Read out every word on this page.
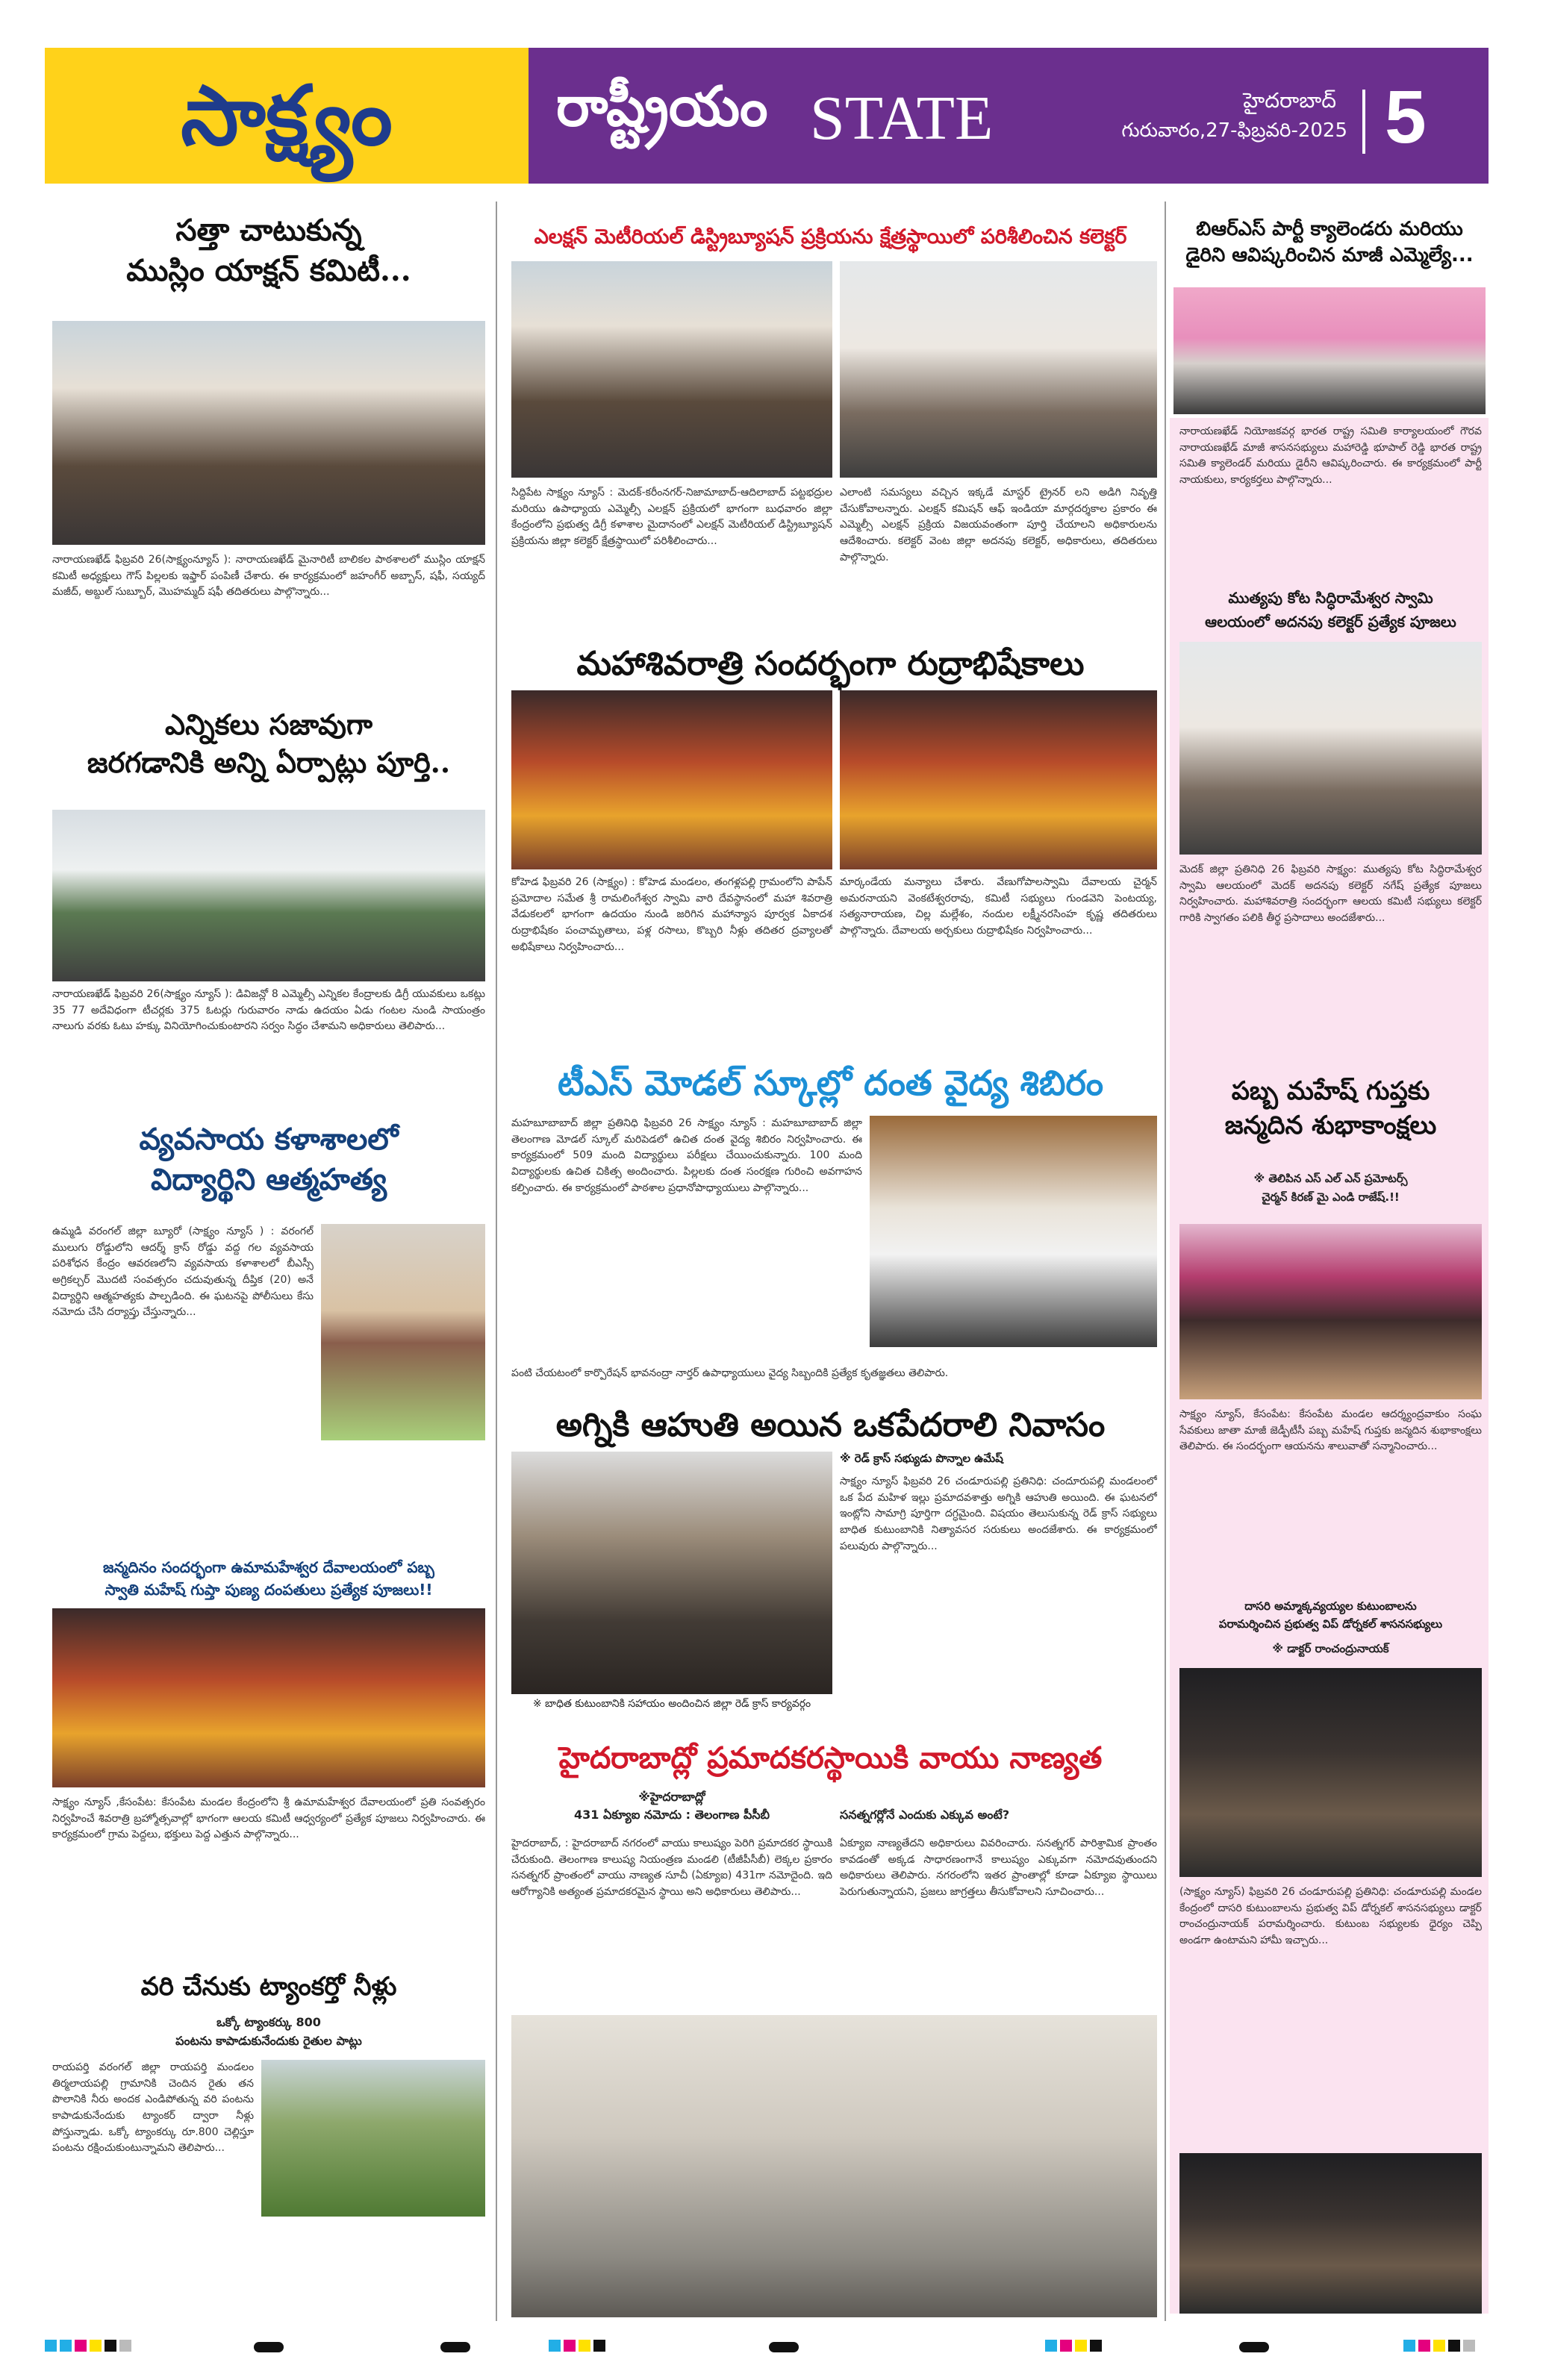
సాక్ష్యం	రాష్ట్రీయం STATE	హైదరాబాద్
గురువారం,27-ఫిబ్రవరి-2025 5
సత్తా చాటుకున్న
ముస్లిం యాక్షన్ కమిటీ...
నారాయణఖేడ్ ఫిబ్రవరి 26(సాక్ష్యంన్యూస్ ): నారాయణఖేడ్ మైనారిటీ బాలికల పాఠశాలలో ముస్లిం యాక్షన్ కమిటీ అధ్యక్షులు గౌస్ పిల్లలకు ఇఫ్తార్ పంపిణీ చేశారు. ఈ కార్యక్రమంలో జహంగీర్ అబ్బాస్, షఫీ, సయ్యద్ మజీద్, అబ్దుల్ సుబ్బూర్, మొహమ్మద్ షఫీ తదితరులు పాల్గొన్నారు...
ఎన్నికలు సజావుగా
జరగడానికి అన్ని ఏర్పాట్లు పూర్తి..
నారాయణఖేడ్ ఫిబ్రవరి 26(సాక్ష్యం న్యూస్ ): డివిజన్లో 8 ఎమ్మెల్సీ ఎన్నికల కేంద్రాలకు డిగ్రీ యువకులు ఒకట్లు 35 77 అదేవిధంగా టీచర్లకు 375 ఓటర్లు గురువారం నాడు ఉదయం ఏడు గంటల నుండి సాయంత్రం నాలుగు వరకు ఓటు హక్కు వినియోగించుకుంటారని సర్వం సిద్ధం చేశామని అధికారులు తెలిపారు...
వ్యవసాయ కళాశాలలో
విద్యార్థిని ఆత్మహత్య
ఉమ్మడి వరంగల్ జిల్లా బ్యూరో (సాక్ష్యం న్యూస్ ) : వరంగల్ ములుగు రోడ్డులోని ఆదర్శ్ క్రాస్ రోడ్డు వద్ద గల వ్యవసాయ పరిశోధన కేంద్రం ఆవరణలోని వ్యవసాయ కళాశాలలో బీఎస్సీ అగ్రికల్చర్ మొదటి సంవత్సరం చదువుతున్న దీప్తిక (20) అనే విద్యార్థిని ఆత్మహత్యకు పాల్పడింది. ఈ ఘటనపై పోలీసులు కేసు నమోదు చేసి దర్యాప్తు చేస్తున్నారు...
జన్మదినం సందర్భంగా ఉమామహేశ్వర దేవాలయంలో పబ్బ
స్వాతి మహేష్ గుప్తా పుణ్య దంపతులు ప్రత్యేక పూజలు!!
సాక్ష్యం న్యూస్ ,కేసంపేట: కేసంపేట మండల కేంద్రంలోని శ్రీ ఉమామహేశ్వర దేవాలయంలో ప్రతి సంవత్సరం నిర్వహించే శివరాత్రి బ్రహ్మోత్సవాల్లో భాగంగా ఆలయ కమిటీ ఆధ్వర్యంలో ప్రత్యేక పూజలు నిర్వహించారు. ఈ కార్యక్రమంలో గ్రామ పెద్దలు, భక్తులు పెద్ద ఎత్తున పాల్గొన్నారు...
వరి చేనుకు ట్యాంకర్తో నీళ్లు
ఒక్కో ట్యాంకర్కు 800
పంటను కాపాడుకునేందుకు రైతుల పాట్లు
రాయపర్తి వరంగల్ జిల్లా రాయపర్తి మండలం తిర్మలాయపల్లి గ్రామానికి చెందిన రైతు తన పొలానికి నీరు అందక ఎండిపోతున్న వరి పంటను కాపాడుకునేందుకు ట్యాంకర్ ద్వారా నీళ్లు పోస్తున్నాడు. ఒక్కో ట్యాంకర్కు రూ.800 చెల్లిస్తూ పంటను రక్షించుకుంటున్నామని తెలిపారు...
ఎలక్షన్ మెటీరియల్ డిస్ట్రిబ్యూషన్ ప్రక్రియను క్షేత్రస్థాయిలో పరిశీలించిన కలెక్టర్
సిద్దిపేట సాక్ష్యం న్యూస్ : మెదక్-కరీంనగర్-నిజామాబాద్-ఆదిలాబాద్ పట్టభద్రుల మరియు ఉపాధ్యాయ ఎమ్మెల్సీ ఎలక్షన్ ప్రక్రియలో భాగంగా బుధవారం జిల్లా కేంద్రంలోని ప్రభుత్వ డిగ్రీ కళాశాల మైదానంలో ఎలక్షన్ మెటీరియల్ డిస్ట్రిబ్యూషన్ ప్రక్రియను జిల్లా కలెక్టర్ క్షేత్రస్థాయిలో పరిశీలించారు...
ఎలాంటి సమస్యలు వచ్చిన ఇక్కడే మాస్టర్ ట్రైనర్ లని అడిగి నివృత్తి చేసుకోవాలన్నారు. ఎలక్షన్ కమిషన్ ఆఫ్ ఇండియా మార్గదర్శకాల ప్రకారం ఈ ఎమ్మెల్సీ ఎలక్షన్ ప్రక్రియ విజయవంతంగా పూర్తి చేయాలని అధికారులను ఆదేశించారు. కలెక్టర్ వెంట జిల్లా అదనపు కలెక్టర్, అధికారులు, తదితరులు పాల్గొన్నారు.
మహాశివరాత్రి సందర్భంగా రుద్రాభిషేకాలు
కోహెడ ఫిబ్రవరి 26 (సాక్ష్యం) : కోహెడ మండలం, తంగళ్లపల్లి గ్రామంలోని పాపేన్ ప్రమోదాల సమేత శ్రీ రామలింగేశ్వర స్వామి వారి దేవస్థానంలో మహా శివరాత్రి వేడుకలలో భాగంగా ఉదయం నుండి జరిగిన మహాన్యాస పూర్వక ఏకాదశ రుద్రాభిషేకం పంచామృతాలు, పళ్ల రసాలు, కొబ్బరి నీళ్లు తదితర ద్రవ్యాలతో అభిషేకాలు నిర్వహించారు...
మార్కండేయ మన్యాలు చేశారు. వేణుగోపాలస్వామి దేవాలయ చైర్మన్ అమరనాయని వెంకటేశ్వరరావు, కమిటీ సభ్యులు గుండవెని పెంటయ్య, సత్యనారాయణ, చిల్ల మల్లేశం, నందుల లక్ష్మీనరసింహ కృష్ణ తదితరులు పాల్గొన్నారు. దేవాలయ అర్చకులు రుద్రాభిషేకం నిర్వహించారు...
టీఎస్ మోడల్ స్కూల్లో దంత వైద్య శిబిరం
మహబూబాబాద్ జిల్లా ప్రతినిధి ఫిబ్రవరి 26 సాక్ష్యం న్యూస్ : మహబూబాబాద్ జిల్లా తెలంగాణ మోడల్ స్కూల్ మరిపెడలో ఉచిత దంత వైద్య శిబిరం నిర్వహించారు. ఈ కార్యక్రమంలో 509 మంది విద్యార్థులు పరీక్షలు చేయించుకున్నారు. 100 మంది విద్యార్థులకు ఉచిత చికిత్స అందించారు. పిల్లలకు దంత సంరక్షణ గురించి అవగాహన కల్పించారు. ఈ కార్యక్రమంలో పాఠశాల ప్రధానోపాధ్యాయులు పాల్గొన్నారు...
పంటి చేయటంలో కార్పొరేషన్ భావనంద్రా నార్తర్ ఉపాధ్యాయులు వైద్య సిబ్బందికి ప్రత్యేక కృతజ్ఞతలు తెలిపారు.
అగ్నికి ఆహుతి అయిన ఒకపేదరాలి నివాసం
※ బాధిత కుటుంబానికి సహాయం అందించిన జిల్లా రెడ్ క్రాస్ కార్యవర్గం
※ రెడ్ క్రాస్ సభ్యుడు పొన్నాల ఉమేష్
సాక్ష్యం న్యూస్ ఫిబ్రవరి 26 చండూరుపల్లి ప్రతినిధి: చందూరుపల్లి మండలంలో ఒక పేద మహిళ ఇల్లు ప్రమాదవశాత్తు అగ్నికి ఆహుతి అయింది. ఈ ఘటనలో ఇంట్లోని సామాగ్రి పూర్తిగా దగ్ధమైంది. విషయం తెలుసుకున్న రెడ్ క్రాస్ సభ్యులు బాధిత కుటుంబానికి నిత్యావసర సరుకులు అందజేశారు. ఈ కార్యక్రమంలో పలువురు పాల్గొన్నారు...
హైదరాబాద్లో ప్రమాదకరస్థాయికి వాయు నాణ్యత
※హైదరాబాద్లో
431 ఏక్యూఐ నమోదు : తెలంగాణ పీసీబీ	సనత్నగర్లోనే ఎందుకు ఎక్కువ అంటే?
హైదరాబాద్, : హైదరాబాద్ నగరంలో వాయు కాలుష్యం పెరిగి ప్రమాదకర స్థాయికి చేరుకుంది. తెలంగాణ కాలుష్య నియంత్రణ మండలి (టీజీపీసీబీ) లెక్కల ప్రకారం సనత్నగర్ ప్రాంతంలో వాయు నాణ్యత సూచీ (ఏక్యూఐ) 431గా నమోదైంది. ఇది ఆరోగ్యానికి అత్యంత ప్రమాదకరమైన స్థాయి అని అధికారులు తెలిపారు...
ఏక్యూఐ నాణ్యతేదని అధికారులు వివరించారు. సనత్నగర్ పారిశ్రామిక ప్రాంతం కావడంతో అక్కడ సాధారణంగానే కాలుష్యం ఎక్కువగా నమోదవుతుందని అధికారులు తెలిపారు. నగరంలోని ఇతర ప్రాంతాల్లో కూడా ఏక్యూఐ స్థాయిలు పెరుగుతున్నాయని, ప్రజలు జాగ్రత్తలు తీసుకోవాలని సూచించారు...
బిఆర్ఎస్ పార్టీ క్యాలెండరు మరియు
డైరిని ఆవిష్కరించిన మాజీ ఎమ్మెల్యే...
నారాయణఖేడ్ నియోజకవర్గ భారత రాష్ట్ర సమితి కార్యాలయంలో గౌరవ నారాయణఖేడ్ మాజీ శాసనసభ్యులు మహారెడ్డి భూపాల్ రెడ్డి భారత రాష్ట్ర సమితి క్యాలెండర్ మరియు డైరీని ఆవిష్కరించారు. ఈ కార్యక్రమంలో పార్టీ నాయకులు, కార్యకర్తలు పాల్గొన్నారు...
ముత్యపు కోట సిద్ధిరామేశ్వర స్వామి
ఆలయంలో అదనపు కలెక్టర్ ప్రత్యేక పూజలు
మెదక్ జిల్లా ప్రతినిధి 26 ఫిబ్రవరి సాక్ష్యం: ముత్యపు కోట సిద్ధిరామేశ్వర స్వామి ఆలయంలో మెదక్ అదనపు కలెక్టర్ నగేష్ ప్రత్యేక పూజలు నిర్వహించారు. మహాశివరాత్రి సందర్భంగా ఆలయ కమిటీ సభ్యులు కలెక్టర్ గారికి స్వాగతం పలికి తీర్థ ప్రసాదాలు అందజేశారు...
పబ్బ మహేష్ గుప్తకు
జన్మదిన శుభాకాంక్షలు
※ తెలిపిన ఎస్ ఎల్ ఎన్ ప్రమోటర్స్
చైర్మన్ కిరణ్ మై ఎండి రాజేష్.!!
సాక్ష్యం న్యూస్, కేసంపేట: కేసంపేట మండల ఆదర్శ్యంద్రవాకుం సంఘ సేవకులు జాతా మాజీ జెడ్పీటీసీ పబ్బ మహేష్ గుప్తకు జన్మదిన శుభాకాంక్షలు తెలిపారు. ఈ సందర్భంగా ఆయనను శాలువాతో సన్మానించారు...
దాసరి అమ్మాక్కవ్యయ్యల కుటుంబాలను
పరామర్శించిన ప్రభుత్వ విప్ డోర్నకల్ శాసనసభ్యులు
※ డాక్టర్ రాంచంద్రునాయక్
(సాక్ష్యం న్యూస్) ఫిబ్రవరి 26 చండూరుపల్లి ప్రతినిధి: చండూరుపల్లి మండల కేంద్రంలో దాసరి కుటుంబాలను ప్రభుత్వ విప్ డోర్నకల్ శాసనసభ్యులు డాక్టర్ రాంచంద్రునాయక్ పరామర్శించారు. కుటుంబ సభ్యులకు ధైర్యం చెప్పి అండగా ఉంటామని హామీ ఇచ్చారు...
